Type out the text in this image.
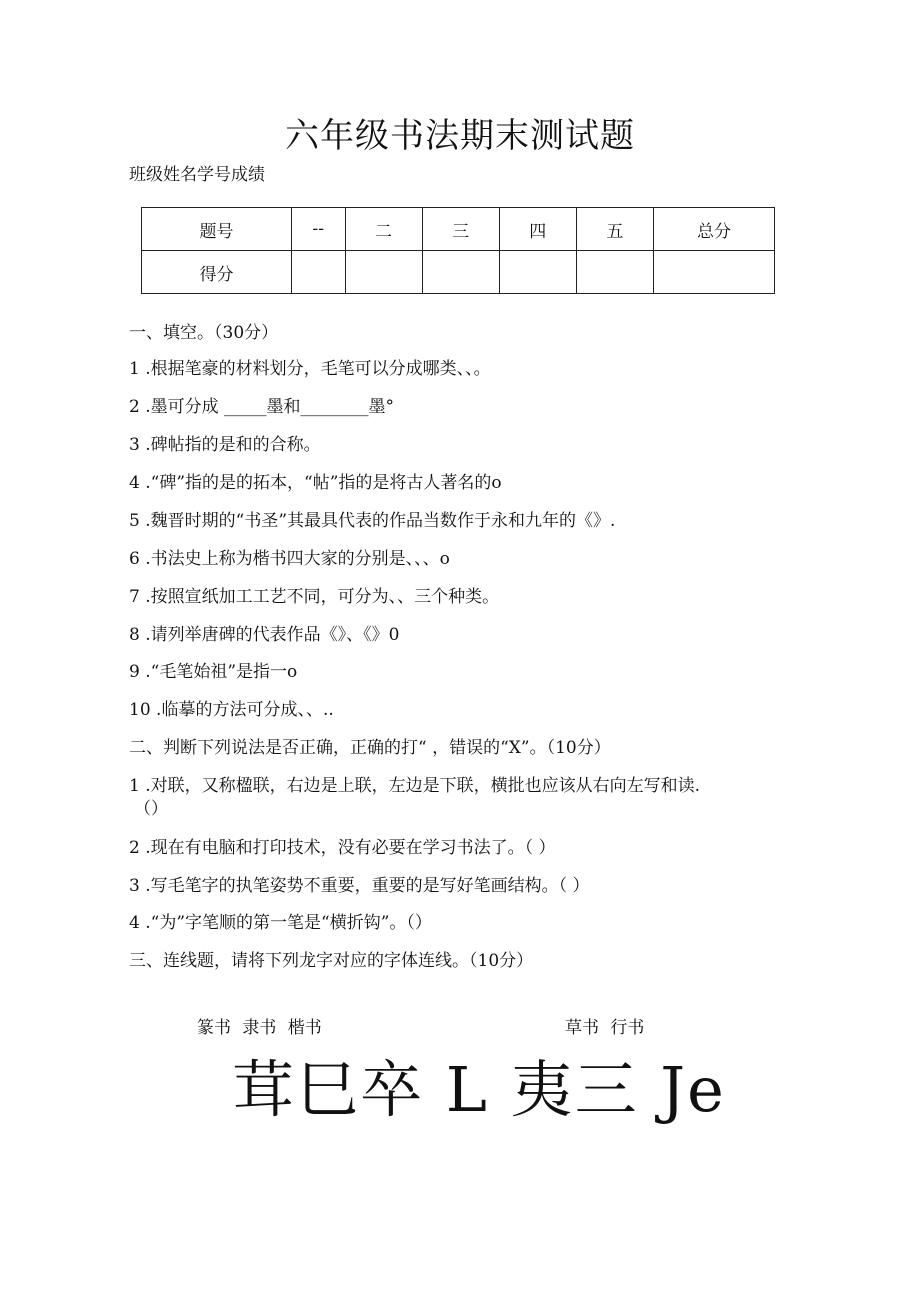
六年级书法期末测试题
班级姓名学号成绩
题号	--	二	三	四	五	总分
得分						
一、填空。（30分）
1 .根据笔豪的材料划分，毛笔可以分成哪类、、。
2 .墨可分成 _____墨和________墨°
3 .碑帖指的是和的合称。
4 .“碑”指的是的拓本，“帖”指的是将古人著名的o
5 .魏晋时期的“书圣”其最具代表的作品当数作于永和九年的《》.
6 .书法史上称为楷书四大家的分别是、、、o
7 .按照宣纸加工工艺不同，可分为、、三个种类。
8 .请列举唐碑的代表作品《》、《》0
9 .“毛笔始祖”是指一o
10 .临摹的方法可分成、、..
二、判断下列说法是否正确，正确的打“ ，错误的“X”。（10分）
1 .对联，又称楹联，右边是上联，左边是下联，横批也应该从右向左写和读.
（）
2 .现在有电脑和打印技术，没有必要在学习书法了。（ ）
3 .写毛笔字的执笔姿势不重要，重要的是写好笔画结构。（ ）
4 .“为”字笔顺的第一笔是“横折钩”。（）
三、连线题，请将下列龙字对应的字体连线。（10分）
篆书 隶书 楷书	草书 行书
茸巳卒 L 夷三 Je
